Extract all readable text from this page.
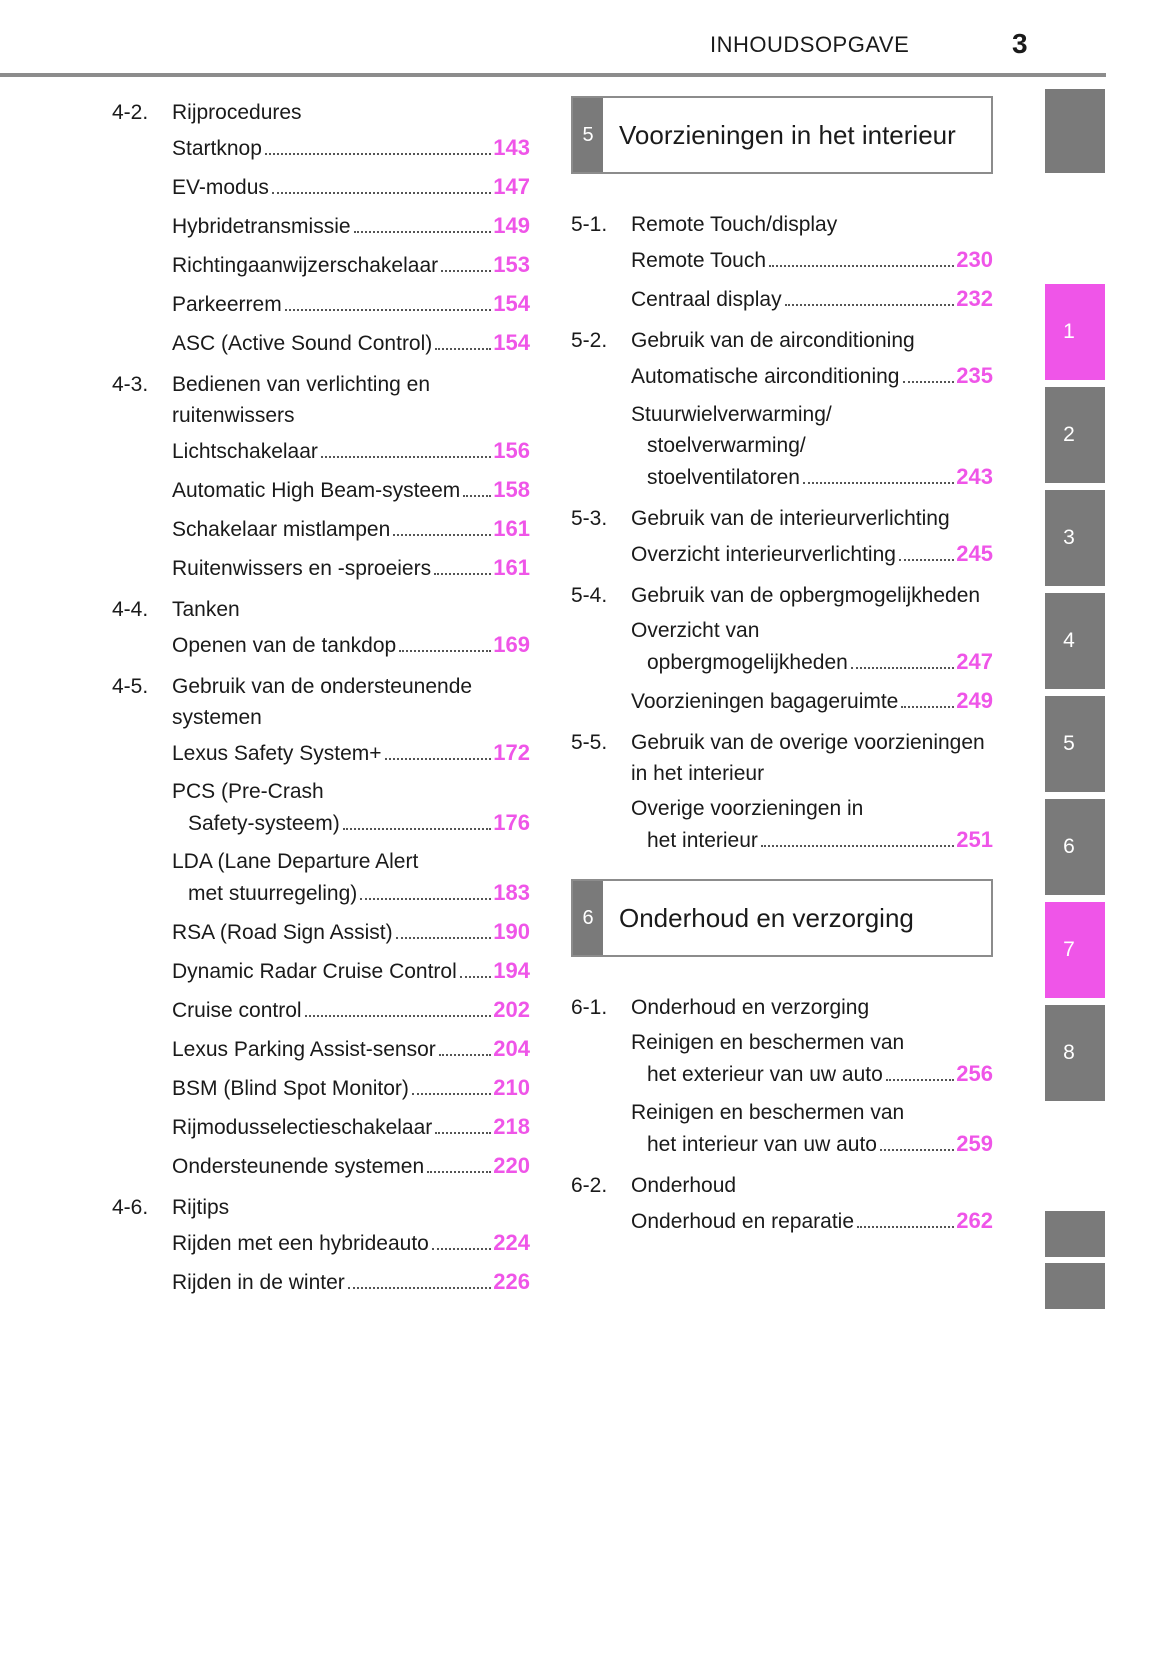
INHOUDSOPGAVE	3
4-2.	Rijprocedures
Startknop	143
EV-modus	147
Hybridetransmissie	149
Richtingaanwijzerschakelaar	153
Parkeerrem	154
ASC (Active Sound Control)	154
4-3.	Bedienen van verlichting en ruitenwissers
Lichtschakelaar	156
Automatic High Beam-systeem 158
Schakelaar mistlampen	161
Ruitenwissers en -sproeiers	161
4-4.	Tanken
Openen van de tankdop	169
4-5.	Gebruik van de ondersteunende systemen
Lexus Safety System+	172
PCS (Pre-Crash
Safety-systeem)	176
LDA (Lane Departure Alert
met stuurregeling)	183
RSA (Road Sign Assist)	190
Dynamic Radar Cruise Control 194
Cruise control	202
Lexus Parking Assist-sensor	204
BSM (Blind Spot Monitor)	210
Rijmodusselectieschakelaar	218
Ondersteunende systemen	220
4-6.	Rijtips
Rijden met een hybrideauto	224
Rijden in de winter	226
5 Voorzieningen in het interieur
5-1.	Remote Touch/display
Remote Touch	230
Centraal display	232
5-2.	Gebruik van de airconditioning
Automatische airconditioning	235
Stuurwielverwarming/
stoelverwarming/
stoelventilatoren	243
5-3.	Gebruik van de interieurverlichting
Overzicht interieurverlichting	245
5-4.	Gebruik van de opbergmogelijkheden
Overzicht van
opbergmogelijkheden	247
Voorzieningen bagageruimte	249
5-5.	Gebruik van de overige voorzieningen in het interieur
Overige voorzieningen in
het interieur	251
6 Onderhoud en verzorging
6-1.	Onderhoud en verzorging
Reinigen en beschermen van
het exterieur van uw auto	256
Reinigen en beschermen van
het interieur van uw auto	259
6-2.	Onderhoud
Onderhoud en reparatie	262
1
2
3
4
5
6
7
8
